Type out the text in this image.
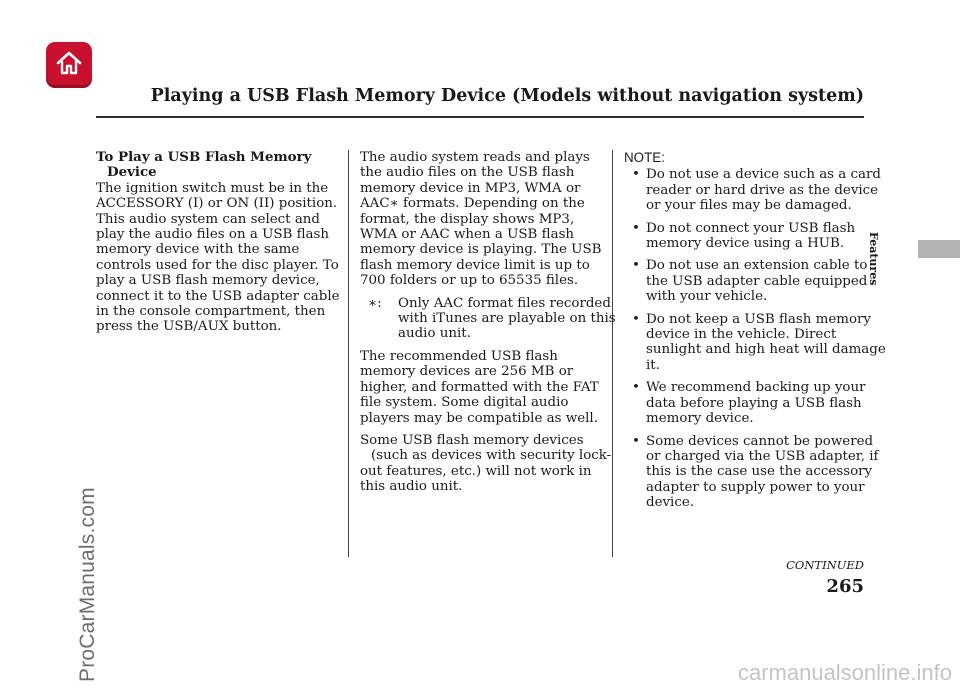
Playing a USB Flash Memory Device (Models without navigation system)
Features
ProCarManuals.com	carmanualsonline.info
To Play a USB Flash Memory
Device
The ignition switch must be in the
ACCESSORY (I) or ON (II) position.
This audio system can select and
play the audio files on a USB flash
memory device with the same
controls used for the disc player. To
play a USB flash memory device,
connect it to the USB adapter cable
in the console compartment, then
press the USB/AUX button.

The audio system reads and plays
the audio files on the USB flash
memory device in MP3, WMA or
AAC∗ formats. Depending on the
format, the display shows MP3,
WMA or AAC when a USB flash
memory device is playing. The USB
flash memory device limit is up to
700 folders or up to 65535 files.

∗: Only AAC format files recorded
with iTunes are playable on this
audio unit.

The recommended USB flash
memory devices are 256 MB or
higher, and formatted with the FAT
file system. Some digital audio
players may be compatible as well.

Some USB flash memory devices
(such as devices with security lock-
out features, etc.) will not work in
this audio unit.

NOTE:
• Do not use a device such as a card
reader or hard drive as the device
or your files may be damaged.
• Do not connect your USB flash
memory device using a HUB.
• Do not use an extension cable to
the USB adapter cable equipped
with your vehicle.
• Do not keep a USB flash memory
device in the vehicle. Direct
sunlight and high heat will damage
it.
• We recommend backing up your
data before playing a USB flash
memory device.
• Some devices cannot be powered
or charged via the USB adapter, if
this is the case use the accessory
adapter to supply power to your
device.
CONTINUED
265
